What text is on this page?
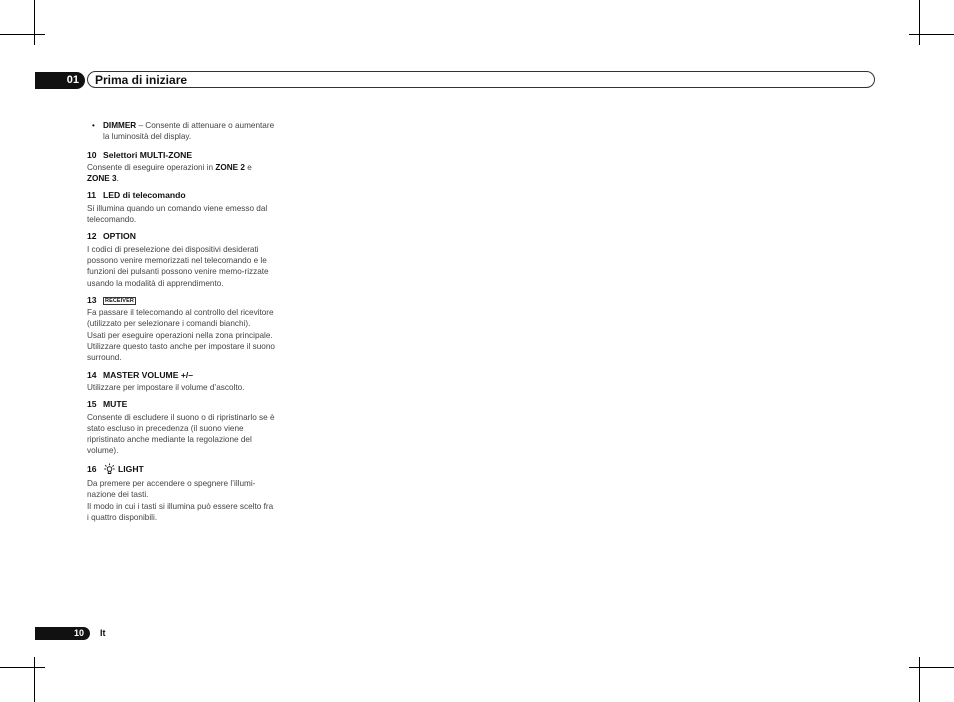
01	Prima di iniziare

• DIMMER – Consente di attenuare o aumentare la luminosità del display.

10 Selettori MULTI-ZONE

Consente di eseguire operazioni in ZONE 2 e
ZONE 3.

11 LED di telecomando

Si illumina quando un comando viene emesso dal telecomando.

12 OPTION

I codici di preselezione dei dispositivi desiderati possono venire memorizzati nel telecomando e le funzioni dei pulsanti possono venire memo-rizzate usando la modalità di apprendimento.

13 RECEIVER

Fa passare il telecomando al controllo del ricevitore (utilizzato per selezionare i comandi bianchi).

Usati per eseguire operazioni nella zona principale.

Utilizzare questo tasto anche per impostare il suono surround.

14 MASTER VOLUME +/–

Utilizzare per impostare il volume d’ascolto.

15 MUTE

Consente di escludere il suono o di ripristinarlo se è stato escluso in precedenza (il suono viene ripristinato anche mediante la regolazione del volume).

16 LIGHT

Da premere per accendere o spegnere l’illumi-nazione dei tasti.

Il modo in cui i tasti si illumina può essere scelto fra i quattro disponibili.

10	It
